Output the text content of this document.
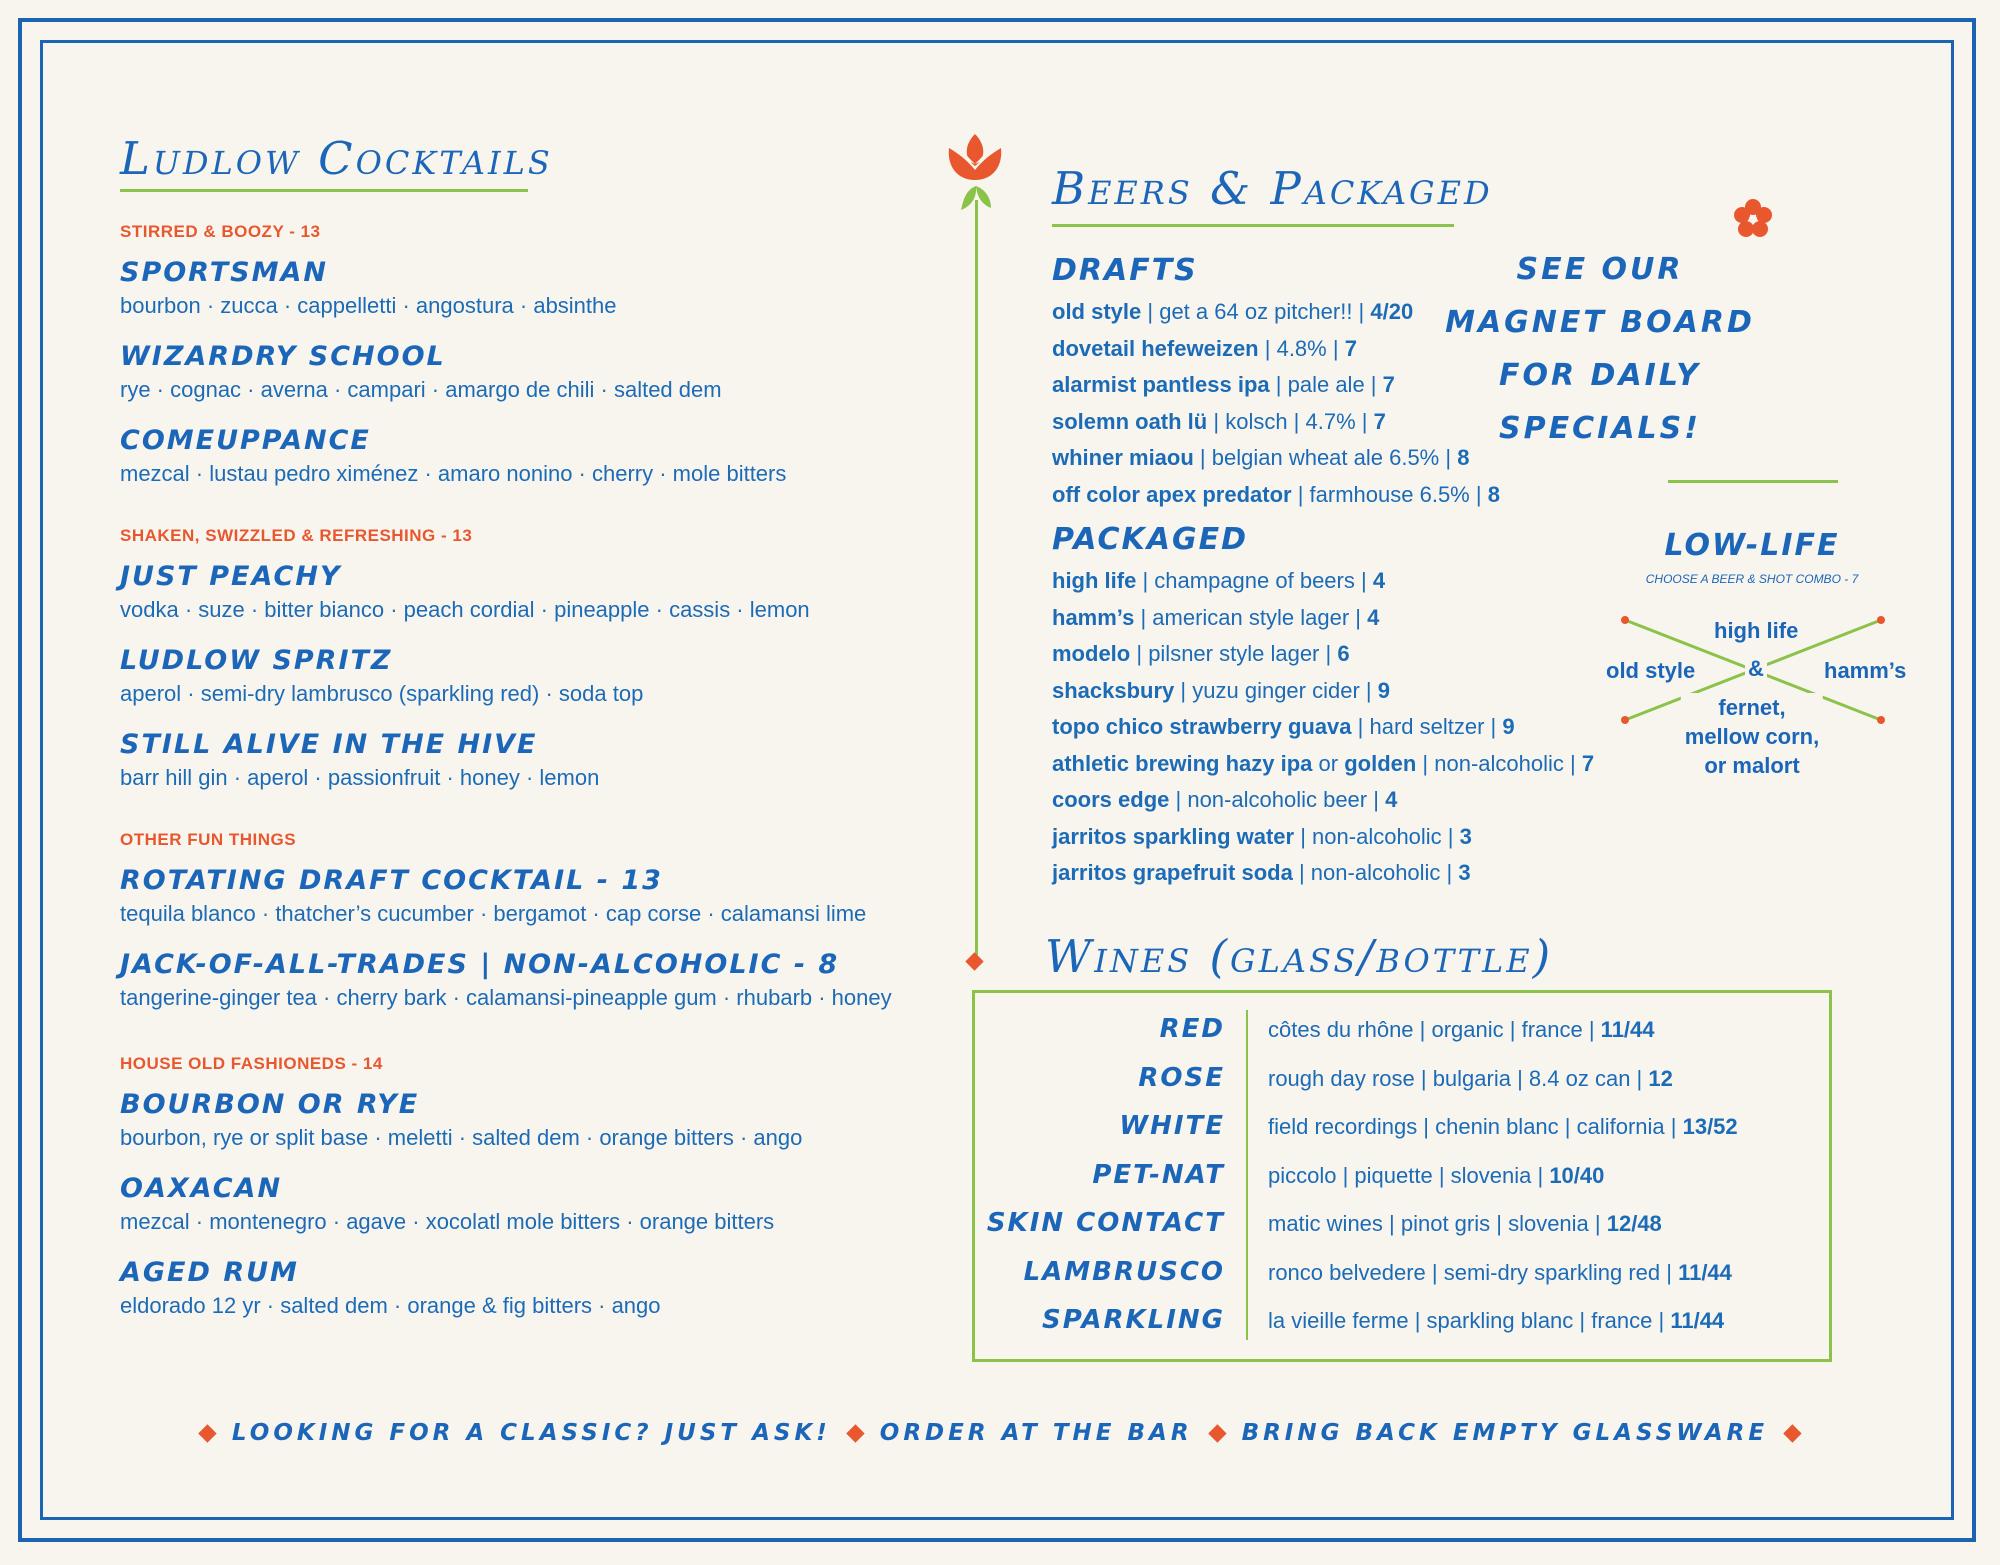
Ludlow Cocktails
STIRRED & BOOZY - 13
SPORTSMAN
bourbon · zucca · cappelletti · angostura · absinthe
WIZARDRY SCHOOL
rye · cognac · averna · campari · amargo de chili · salted dem
COMEUPPANCE
mezcal · lustau pedro ximénez · amaro nonino · cherry · mole bitters
SHAKEN, SWIZZLED & REFRESHING - 13
JUST PEACHY
vodka · suze · bitter bianco · peach cordial · pineapple · cassis · lemon
LUDLOW SPRITZ
aperol · semi-dry lambrusco (sparkling red) · soda top
STILL ALIVE IN THE HIVE
barr hill gin · aperol · passionfruit · honey · lemon
OTHER FUN THINGS
ROTATING DRAFT COCKTAIL - 13
tequila blanco · thatcher’s cucumber · bergamot · cap corse · calamansi lime
JACK-OF-ALL-TRADES | NON-ALCOHOLIC - 8
tangerine-ginger tea · cherry bark · calamansi-pineapple gum · rhubarb · honey
HOUSE OLD FASHIONEDS - 14
BOURBON OR RYE
bourbon, rye or split base · meletti · salted dem · orange bitters · ango
OAXACAN
mezcal · montenegro · agave · xocolatl mole bitters · orange bitters
AGED RUM
eldorado 12 yr · salted dem · orange & fig bitters · ango
Beers & Packaged
DRAFTS
old style | get a 64 oz pitcher!! | 4/20
dovetail hefeweizen | 4.8% | 7
alarmist pantless ipa | pale ale | 7
solemn oath lü | kolsch | 4.7% | 7
whiner miaou | belgian wheat ale 6.5% | 8
off color apex predator | farmhouse 6.5% | 8
PACKAGED
high life | champagne of beers | 4
hamm’s | american style lager | 4
modelo | pilsner style lager | 6
shacksbury | yuzu ginger cider | 9
topo chico strawberry guava | hard seltzer | 9
athletic brewing hazy ipa or golden | non-alcoholic | 7
coors edge | non-alcoholic beer | 4
jarritos sparkling water | non-alcoholic | 3
jarritos grapefruit soda | non-alcoholic | 3
Wines (glass/bottle)
RED côtes du rhône | organic | france | 11/44
ROSE rough day rose | bulgaria | 8.4 oz can | 12
WHITE field recordings | chenin blanc | california | 13/52
PET-NAT piccolo | piquette | slovenia | 10/40
SKIN CONTACT matic wines | pinot gris | slovenia | 12/48
LAMBRUSCO ronco belvedere | semi-dry sparkling red | 11/44
SPARKLING la vieille ferme | sparkling blanc | france | 11/44
SEE OUR
MAGNET BOARD
FOR DAILY
SPECIALS!
LOW-LIFE
CHOOSE A BEER & SHOT COMBO - 7
high life
old style &	hamm’s
fernet,
mellow corn,
or malort
LOOKING FOR A CLASSIC? JUST ASK! ORDER AT THE BAR BRING BACK EMPTY GLASSWARE
